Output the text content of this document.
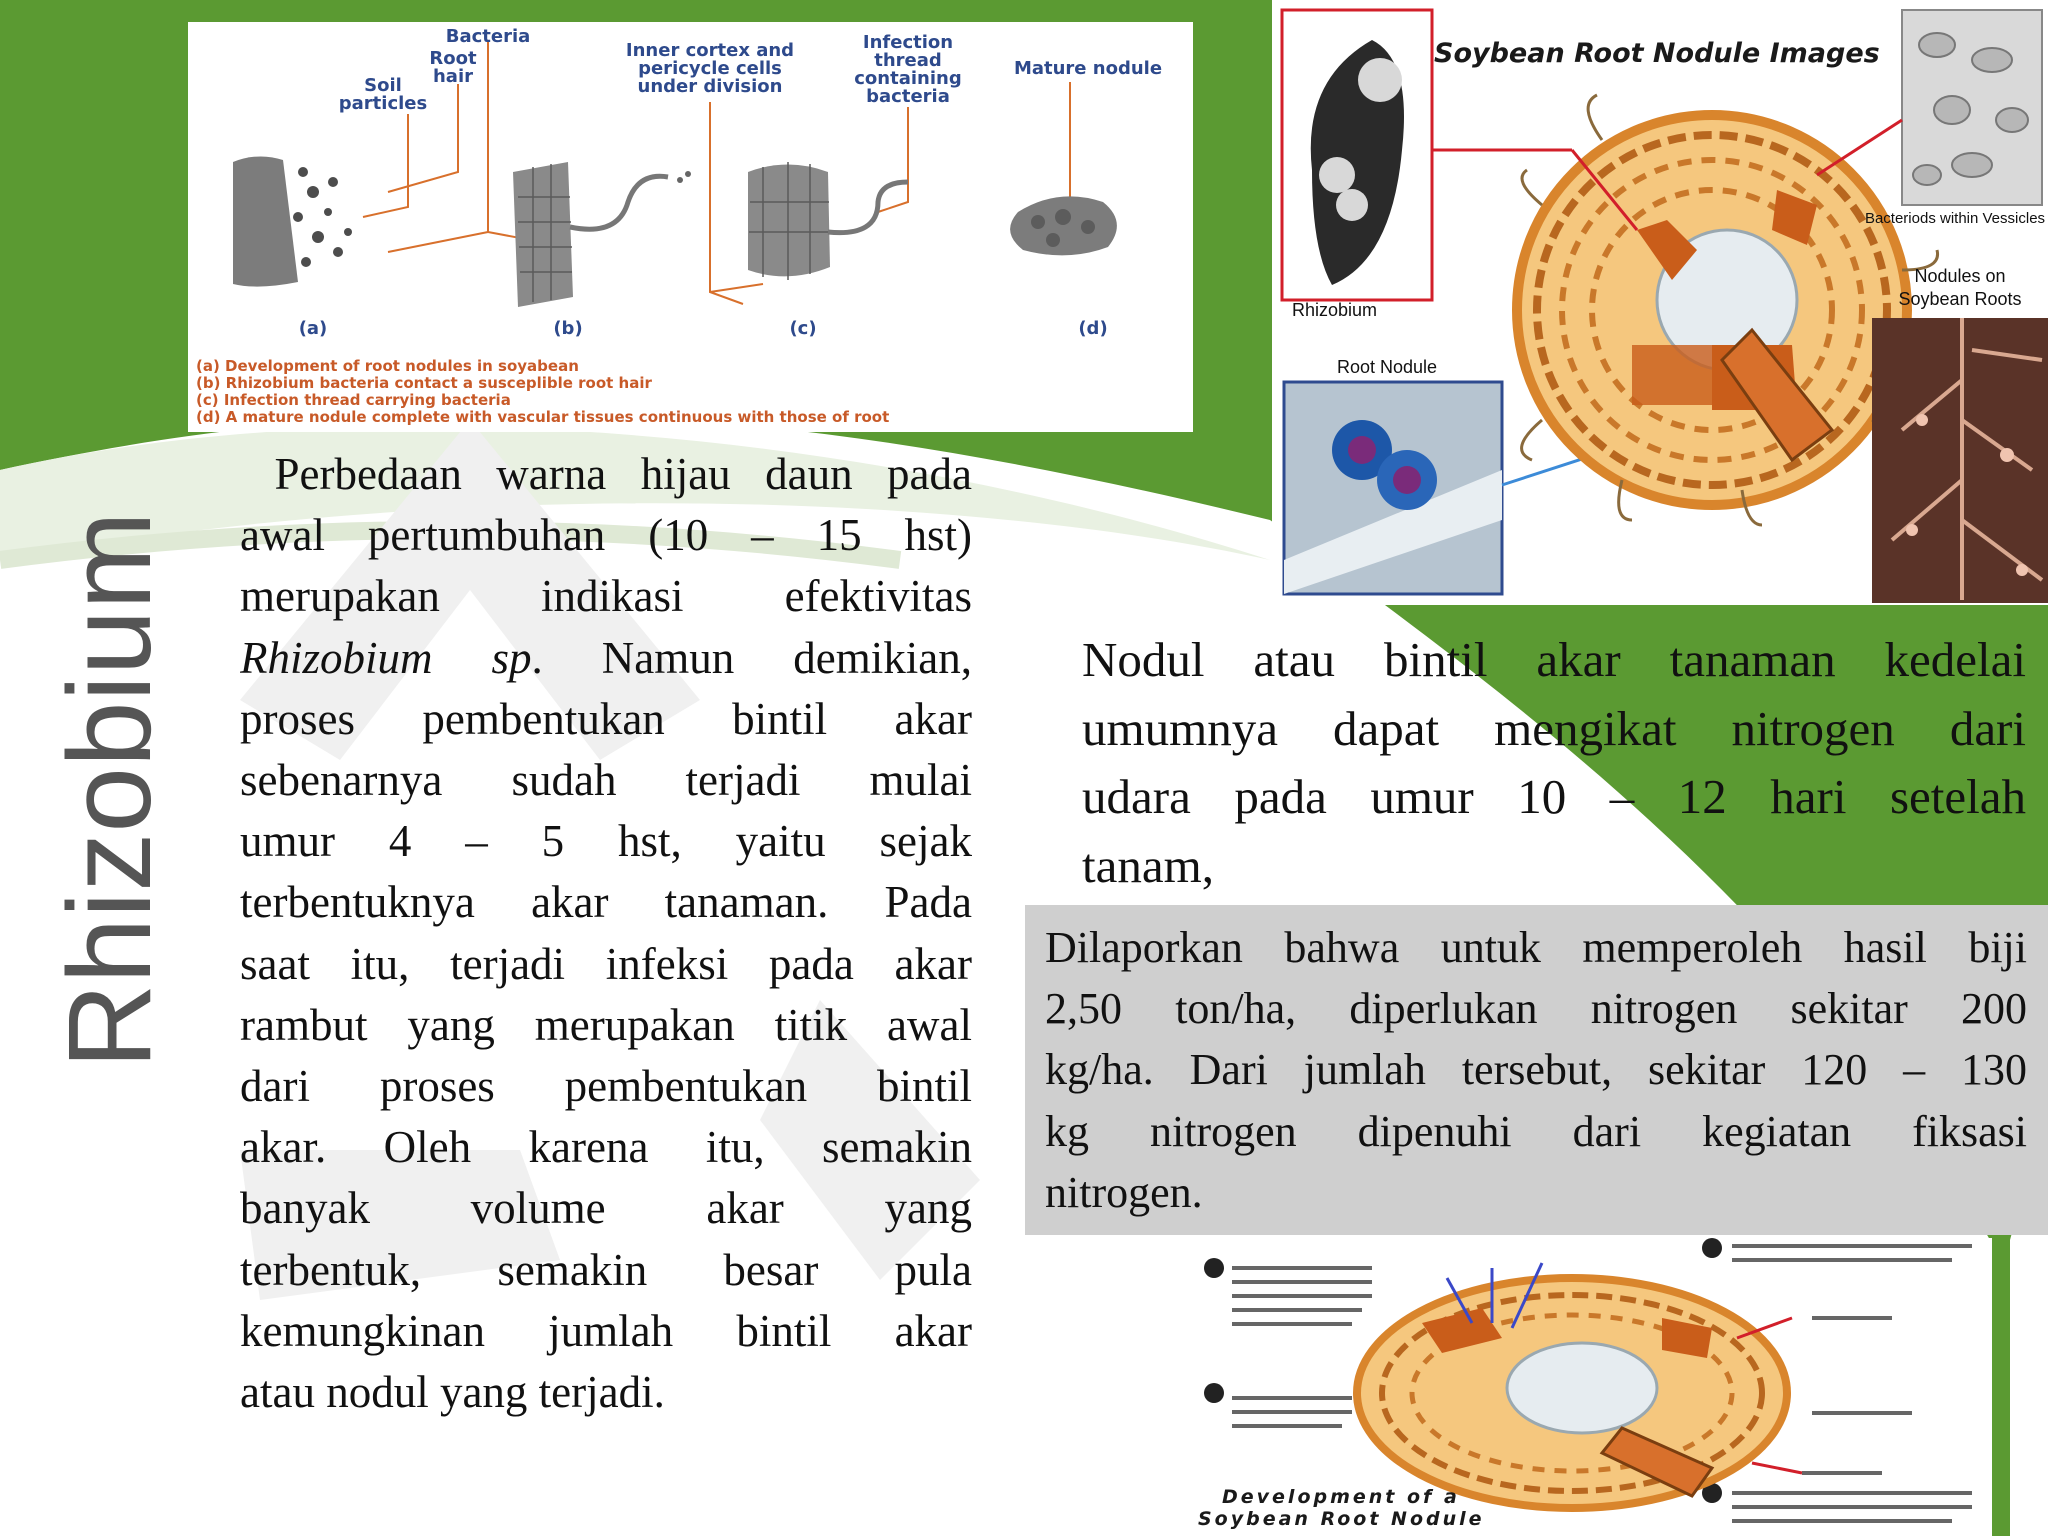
Rhizobium
Bacteria
Root
hair
Soil
particles
Inner cortex and
pericycle cells
under division
Infection
thread
containing
bacteria
Mature nodule
(a)	(b)	(c)	(d)
(a) Development of root nodules in soyabean
(b) Rhizobium bacteria contact a susceplible root hair
(c) Infection thread carrying bacteria
(d) A mature nodule complete with vascular tissues continuous with those of root
Soybean Root Nodule Images
Rhizobium
Root Nodule
Bacteriods within Vessicles
Nodules on
Soybean Roots
Perbedaan warna hijau daun pada
awal pertumbuhan (10 – 15 hst)
merupakan indikasi efektivitas
Rhizobium sp. Namun demikian,
proses pembentukan bintil akar
sebenarnya sudah terjadi mulai
umur 4 – 5 hst, yaitu sejak
terbentuknya akar tanaman. Pada
saat itu, terjadi infeksi pada akar
rambut yang merupakan titik awal
dari proses pembentukan bintil
akar. Oleh karena itu, semakin
banyak volume akar yang
terbentuk, semakin besar pula
kemungkinan jumlah bintil akar
atau nodul yang terjadi.
Nodul atau bintil akar tanaman kedelai
umumnya dapat mengikat nitrogen dari
udara pada umur 10 – 12 hari setelah
tanam,
Dilaporkan bahwa untuk memperoleh hasil biji
2,50 ton/ha, diperlukan nitrogen sekitar 200
kg/ha. Dari jumlah tersebut, sekitar 120 – 130
kg nitrogen dipenuhi dari kegiatan fiksasi
nitrogen.
Development of a
Soybean Root Nodule
